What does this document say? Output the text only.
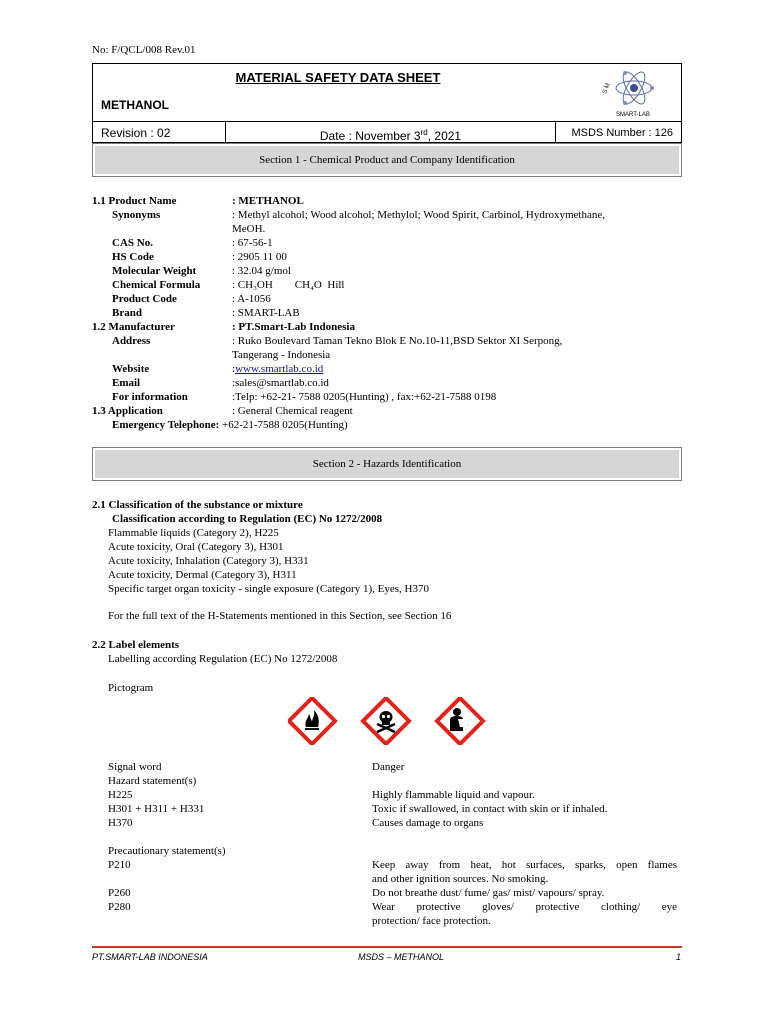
No: F/QCL/008 Rev.01
MATERIAL SAFETY DATA SHEET
METHANOL
S M
SMART-LAB
Revision : 02	Date : November 3rd, 2021	MSDS Number : 126
Section 1 - Chemical Product and Company Identification
1.1 Product Name	: METHANOL
Synonyms	: Methyl alcohol; Wood alcohol; Methylol; Wood Spirit, Carbinol, Hydroxymethane,
MeOH.
CAS No.	: 67-56-1
HS Code	: 2905 11 00
Molecular Weight	: 32.04 g/mol
Chemical Formula	: CH₃OH        CH₄O  Hill
Product Code	: A-1056
Brand	: SMART-LAB
1.2 Manufacturer	: PT.Smart-Lab Indonesia
Address	: Ruko Boulevard Taman Tekno Blok E No.10-11,BSD Sektor XI Serpong,
Tangerang - Indonesia
Website	:www.smartlab.co.id
Email	:sales@smartlab.co.id
For information	:Telp: +62-21- 7588 0205(Hunting) , fax:+62-21-7588 0198
1.3 Application	: General Chemical reagent
Emergency Telephone: +62-21-7588 0205(Hunting)
Section 2 - Hazards Identification
2.1 Classification of the substance or mixture
Classification according to Regulation (EC) No 1272/2008
Flammable liquids (Category 2), H225
Acute toxicity, Oral (Category 3), H301
Acute toxicity, Inhalation (Category 3), H331
Acute toxicity, Dermal (Category 3), H311
Specific target organ toxicity - single exposure (Category 1), Eyes, H370
For the full text of the H-Statements mentioned in this Section, see Section 16
2.2 Label elements
Labelling according Regulation (EC) No 1272/2008
Pictogram
Signal word	Danger
Hazard statement(s)
H225	Highly flammable liquid and vapour.
H301 + H311 + H331	Toxic if swallowed, in contact with skin or if inhaled.
H370	Causes damage to organs
Precautionary statement(s)
P210	Keep away from heat, hot surfaces, sparks, open flames
and other ignition sources. No smoking.
P260	Do not breathe dust/ fume/ gas/ mist/ vapours/ spray.
P280	Wear protective gloves/ protective clothing/ eye
protection/ face protection.
PT.SMART-LAB INDONESIA	MSDS – METHANOL	1
